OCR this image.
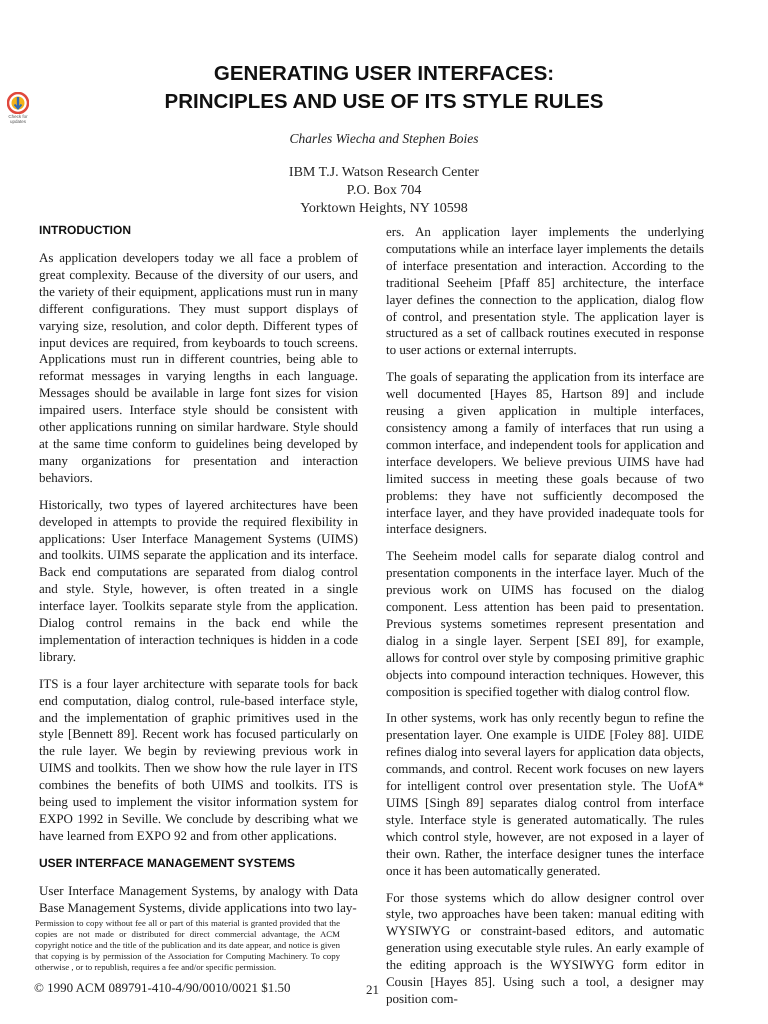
GENERATING USER INTERFACES:
PRINCIPLES AND USE OF ITS STYLE RULES
Check for updates
Charles Wiecha and Stephen Boies
IBM T.J. Watson Research Center
P.O. Box 704
Yorktown Heights, NY 10598
INTRODUCTION

As application developers today we all face a problem of great complexity. Because of the diversity of our users, and the variety of their equipment, applications must run in many different configurations. They must support displays of varying size, resolution, and color depth. Different types of input devices are required, from keyboards to touch screens. Applications must run in different countries, being able to reformat messages in varying lengths in each language. Messages should be available in large font sizes for vision impaired users. Interface style should be consistent with other applications running on similar hardware. Style should at the same time conform to guidelines being developed by many organizations for presentation and interaction behaviors.

Historically, two types of layered architectures have been developed in attempts to provide the required flexibility in applications: User Interface Management Systems (UIMS) and toolkits. UIMS separate the application and its interface. Back end computations are separated from dialog control and style. Style, however, is often treated in a single interface layer. Toolkits separate style from the application. Dialog control remains in the back end while the implementation of interaction techniques is hidden in a code library.

ITS is a four layer architecture with separate tools for back end computation, dialog control, rule-based interface style, and the implementation of graphic primitives used in the style [Bennett 89]. Recent work has focused particularly on the rule layer. We begin by reviewing previous work in UIMS and toolkits. Then we show how the rule layer in ITS combines the benefits of both UIMS and toolkits. ITS is being used to implement the visitor information system for EXPO 1992 in Seville. We conclude by describing what we have learned from EXPO 92 and from other applications.

USER INTERFACE MANAGEMENT SYSTEMS

User Interface Management Systems, by analogy with Data Base Management Systems, divide applications into two lay-

Permission to copy without fee all or part of this material is granted provided that the copies are not made or distributed for direct commercial advantage, the ACM copyright notice and the title of the publication and its date appear, and notice is given that copying is by permission of the Association for Computing Machinery. To copy otherwise , or to republish, requires a fee and/or specific permission.
© 1990 ACM 089791-410-4/90/0010/0021 $1.50	21

ers. An application layer implements the underlying computations while an interface layer implements the details of interface presentation and interaction. According to the traditional Seeheim [Pfaff 85] architecture, the interface layer defines the connection to the application, dialog flow of control, and presentation style. The application layer is structured as a set of callback routines executed in response to user actions or external interrupts.

The goals of separating the application from its interface are well documented [Hayes 85, Hartson 89] and include reusing a given application in multiple interfaces, consistency among a family of interfaces that run using a common interface, and independent tools for application and interface developers. We believe previous UIMS have had limited success in meeting these goals because of two problems: they have not sufficiently decomposed the interface layer, and they have provided inadequate tools for interface designers.

The Seeheim model calls for separate dialog control and presentation components in the interface layer. Much of the previous work on UIMS has focused on the dialog component. Less attention has been paid to presentation. Previous systems sometimes represent presentation and dialog in a single layer. Serpent [SEI 89], for example, allows for control over style by composing primitive graphic objects into compound interaction techniques. However, this composition is specified together with dialog control flow.

In other systems, work has only recently begun to refine the presentation layer. One example is UIDE [Foley 88]. UIDE refines dialog into several layers for application data objects, commands, and control. Recent work focuses on new layers for intelligent control over presentation style. The UofA* UIMS [Singh 89] separates dialog control from interface style. Interface style is generated automatically. The rules which control style, however, are not exposed in a layer of their own. Rather, the interface designer tunes the interface once it has been automatically generated.

For those systems which do allow designer control over style, two approaches have been taken: manual editing with WYSIWYG or constraint-based editors, and automatic generation using executable style rules. An early example of the editing approach is the WYSIWYG form editor in Cousin [Hayes 85]. Using such a tool, a designer may position com-
